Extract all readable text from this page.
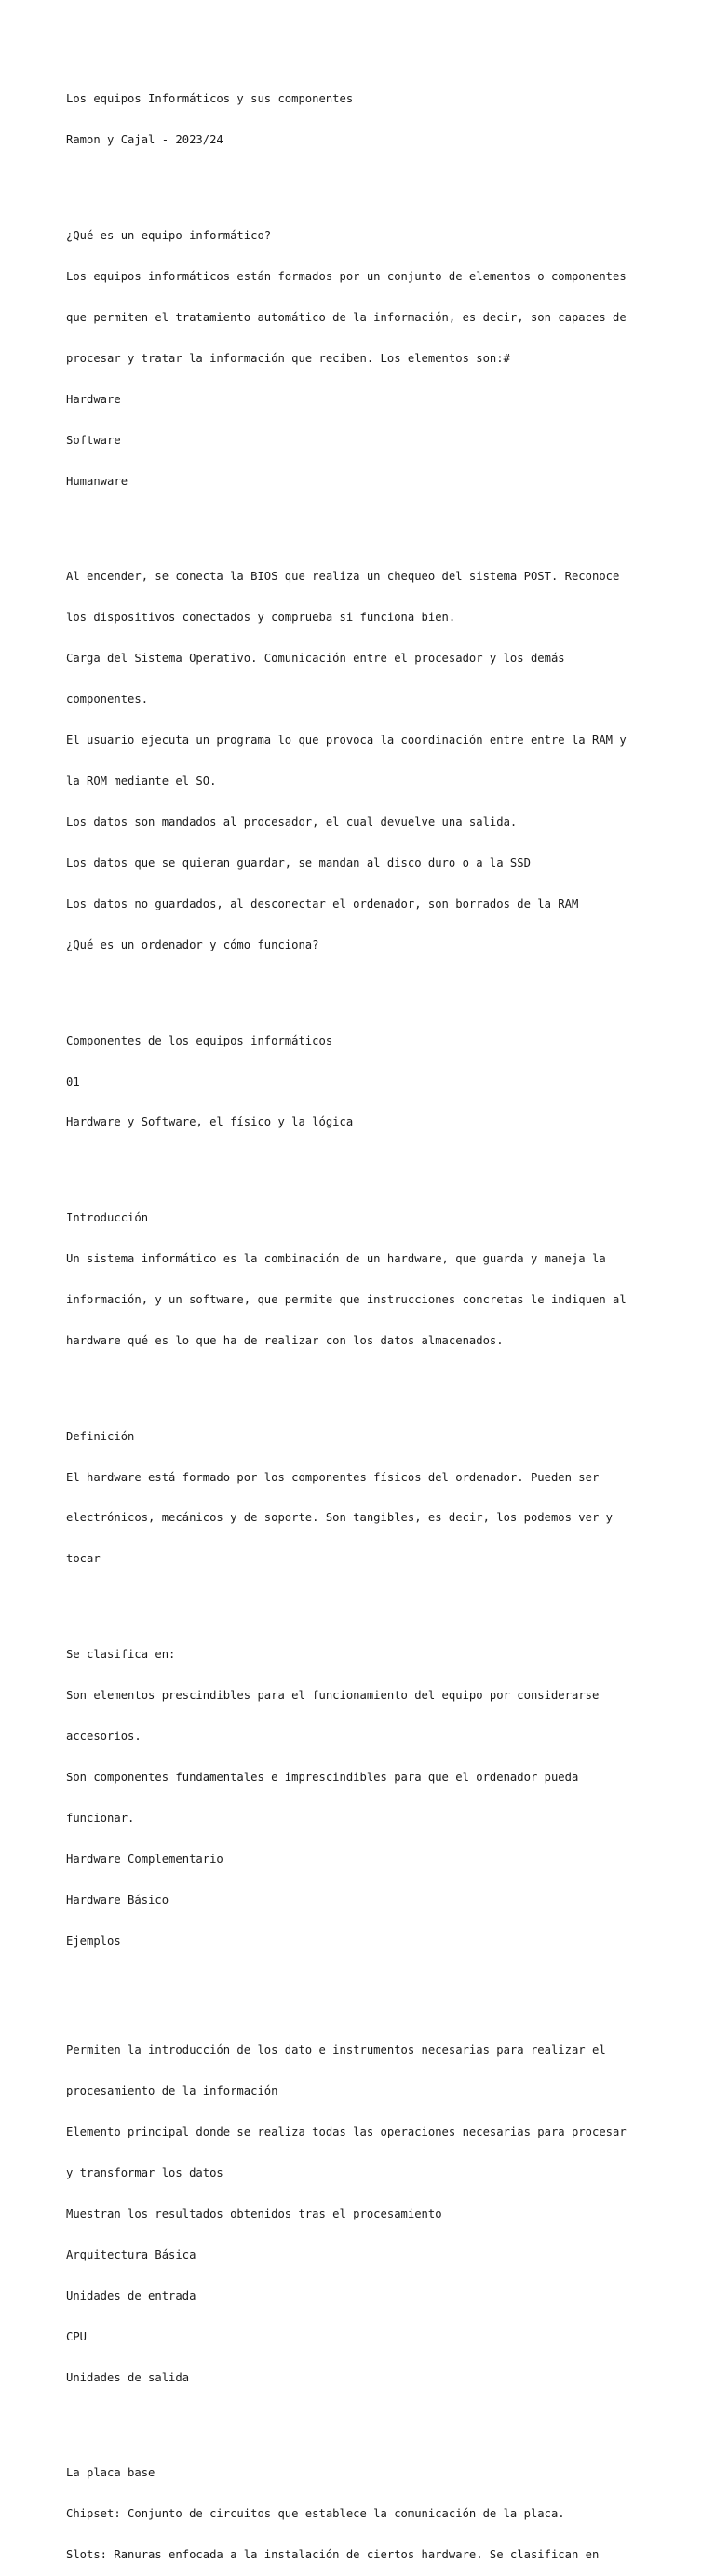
Los equipos Informáticos y sus componentes

Ramon y Cajal - 2023/24

¿Qué es un equipo informático?

Los equipos informáticos están formados por un conjunto de elementos o componentes

que permiten el tratamiento automático de la información, es decir, son capaces de

procesar y tratar la información que reciben. Los elementos son:#

Hardware

Software

Humanware

Al encender, se conecta la BIOS que realiza un chequeo del sistema POST. Reconoce

los dispositivos conectados y comprueba si funciona bien.

Carga del Sistema Operativo. Comunicación entre el procesador y los demás

componentes.

El usuario ejecuta un programa lo que provoca la coordinación entre entre la RAM y

la ROM mediante el SO.

Los datos son mandados al procesador, el cual devuelve una salida.

Los datos que se quieran guardar, se mandan al disco duro o a la SSD

Los datos no guardados, al desconectar el ordenador, son borrados de la RAM

¿Qué es un ordenador y cómo funciona?

Componentes de los equipos informáticos

01

Hardware y Software, el físico y la lógica

Introducción

Un sistema informático es la combinación de un hardware, que guarda y maneja la

información, y un software, que permite que instrucciones concretas le indiquen al

hardware qué es lo que ha de realizar con los datos almacenados.

Definición

El hardware está formado por los componentes físicos del ordenador. Pueden ser

electrónicos, mecánicos y de soporte. Son tangibles, es decir, los podemos ver y

tocar

Se clasifica en:

Son elementos prescindibles para el funcionamiento del equipo por considerarse

accesorios.

Son componentes fundamentales e imprescindibles para que el ordenador pueda

funcionar.

Hardware Complementario

Hardware Básico

Ejemplos

Permiten la introducción de los dato e instrumentos necesarias para realizar el

procesamiento de la información

Elemento principal donde se realiza todas las operaciones necesarias para procesar

y transformar los datos

Muestran los resultados obtenidos tras el procesamiento

Arquitectura Básica

Unidades de entrada

CPU

Unidades de salida

La placa base

Chipset: Conjunto de circuitos que establece la comunicación de la placa.

Slots: Ranuras enfocada a la instalación de ciertos hardware. Se clasifican en
